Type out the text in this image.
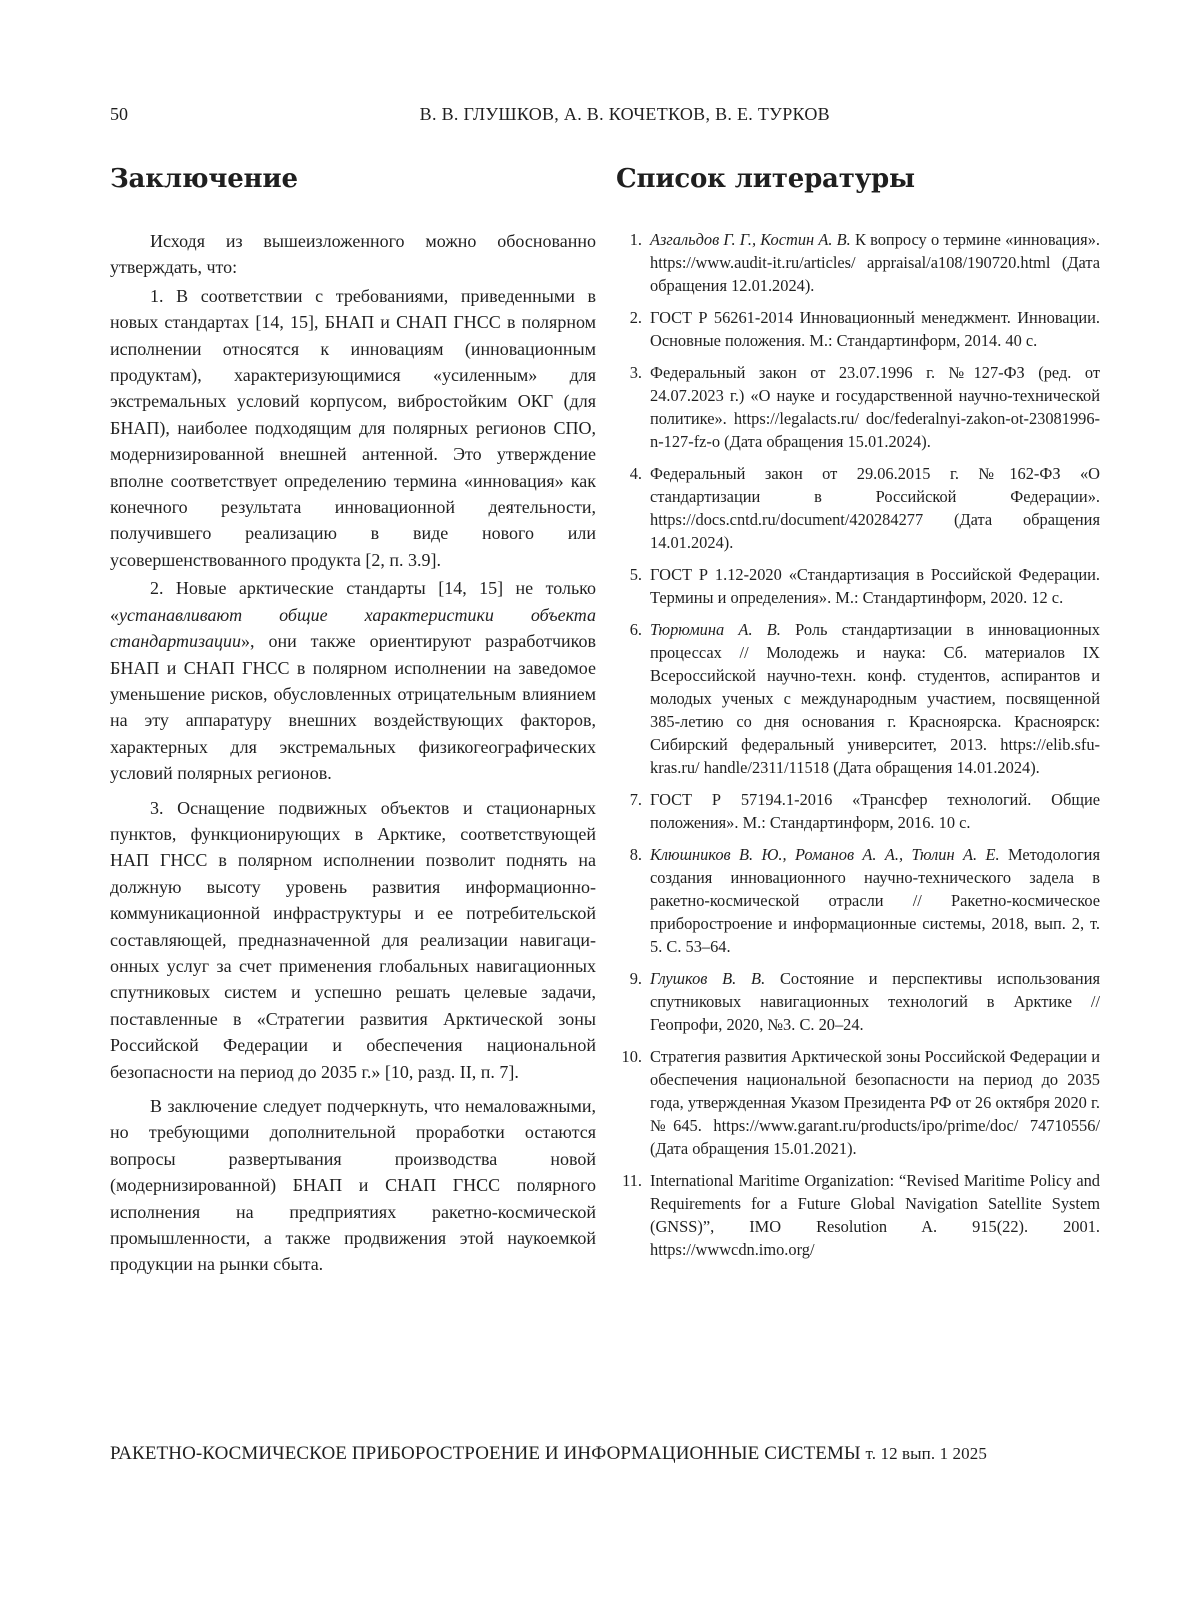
50	В. В. ГЛУШКОВ, А. В. КОЧЕТКОВ, В. Е. ТУРКОВ
Заключение

Исходя из вышеизложенного можно обоснованно утверждать, что:

1. В соответствии с требованиями, приведенными в новых стандартах [14, 15], БНАП и СНАП ГНСС в полярном исполнении относятся к инновациям (инновационным продуктам), характеризующимися «усиленным» для экстремальных условий корпусом, вибростойким ОКГ (для БНАП), наиболее подходящим для полярных регионов СПО, модернизированной внешней антенной. Это утверждение вполне соответствует определению термина «инновация» как конечного результата инновационной деятельности, получившего реализацию в виде нового или усовершенствованного продукта [2, п. 3.9].

2. Новые арктические стандарты [14, 15] не только «устанавливают общие характеристики объекта стандартизации», они также ориентируют разработчиков БНАП и СНАП ГНСС в полярном исполнении на заведомое уменьшение рисков, обусловленных отрицательным влиянием на эту аппаратуру внешних воздействующих факторов, характерных для экстремальных физикогеографических условий полярных регионов.

3. Оснащение подвижных объектов и стационарных пунктов, функционирующих в Арктике, соответствующей НАП ГНСС в полярном исполнении позволит поднять на должную высоту уровень развития информационно-коммуникационной инфраструктуры и ее потребительской составляющей, предназначенной для реализации навигационных услуг за счет применения глобальных навигационных спутниковых систем и успешно решать целевые задачи, поставленные в «Стратегии развития Арктической зоны Российской Федерации и обеспечения национальной безопасности на период до 2035 г.» [10, разд. II, п. 7].

В заключение следует подчеркнуть, что немаловажными, но требующими дополнительной проработки остаются вопросы развертывания производства новой (модернизированной) БНАП и СНАП ГНСС полярного исполнения на предприятиях ракетно-космической промышленности, а также продвижения этой наукоемкой продукции на рынки сбыта.

Список литературы
1. Азгальдов Г. Г., Костин А. В. К вопросу о термине «инновация». https://www.audit-it.ru/articles/ appraisal/a108/190720.html (Дата обращения 12.01.2024).
2. ГОСТ Р 56261-2014 Инновационный менеджмент. Инновации. Основные положения. М.: Стандартинформ, 2014. 40 с.
3. Федеральный закон от 23.07.1996 г. №127-ФЗ (ред. от 24.07.2023 г.) «О науке и государственной научно-технической политике». https://legalacts.ru/ doc/federalnyi-zakon-ot-23081996-n-127-fz-o (Дата обращения 15.01.2024).
4. Федеральный закон от 29.06.2015 г. №162-ФЗ «О стандартизации в Российской Федерации». https://docs.cntd.ru/document/420284277 (Дата обращения 14.01.2024).
5. ГОСТ Р 1.12-2020 «Стандартизация в Российской Федерации. Термины и определения». М.: Стандартинформ, 2020. 12 с.
6. Тюрюмина А. В. Роль стандартизации в инновационных процессах // Молодежь и наука: Сб. материалов IX Всероссийской научно-техн. конф. студентов, аспирантов и молодых ученых с международным участием, посвященной 385-летию со дня основания г. Красноярска. Красноярск: Сибирский федеральный университет, 2013. https://elib.sfu-kras.ru/ handle/2311/11518 (Дата обращения 14.01.2024).
7. ГОСТ Р 57194.1-2016 «Трансфер технологий. Общие положения». М.: Стандартинформ, 2016. 10 с.
8. Клюшников В. Ю., Романов А. А., Тюлин А. Е. Методология создания инновационного научно-технического задела в ракетно-космической отрасли // Ракетно-космическое приборостроение и информационные системы, 2018, вып. 2, т. 5. С. 53–64.
9. Глушков В. В. Состояние и перспективы использования спутниковых навигационных технологий в Арктике // Геопрофи, 2020, №3. С. 20–24.
10. Стратегия развития Арктической зоны Российской Федерации и обеспечения национальной безопасности на период до 2035 года, утвержденная Указом Президента РФ от 26 октября 2020 г. №645. https://www.garant.ru/products/ipo/prime/doc/ 74710556/ (Дата обращения 15.01.2021).
11. International Maritime Organization: “Revised Maritime Policy and Requirements for a Future Global Navigation Satellite System (GNSS)”, IMO Resolution A. 915(22). 2001. https://wwwcdn.imo.org/
РАКЕТНО-КОСМИЧЕСКОЕ ПРИБОРОСТРОЕНИЕ И ИНФОРМАЦИОННЫЕ СИСТЕМЫ т. 12 вып. 1 2025
